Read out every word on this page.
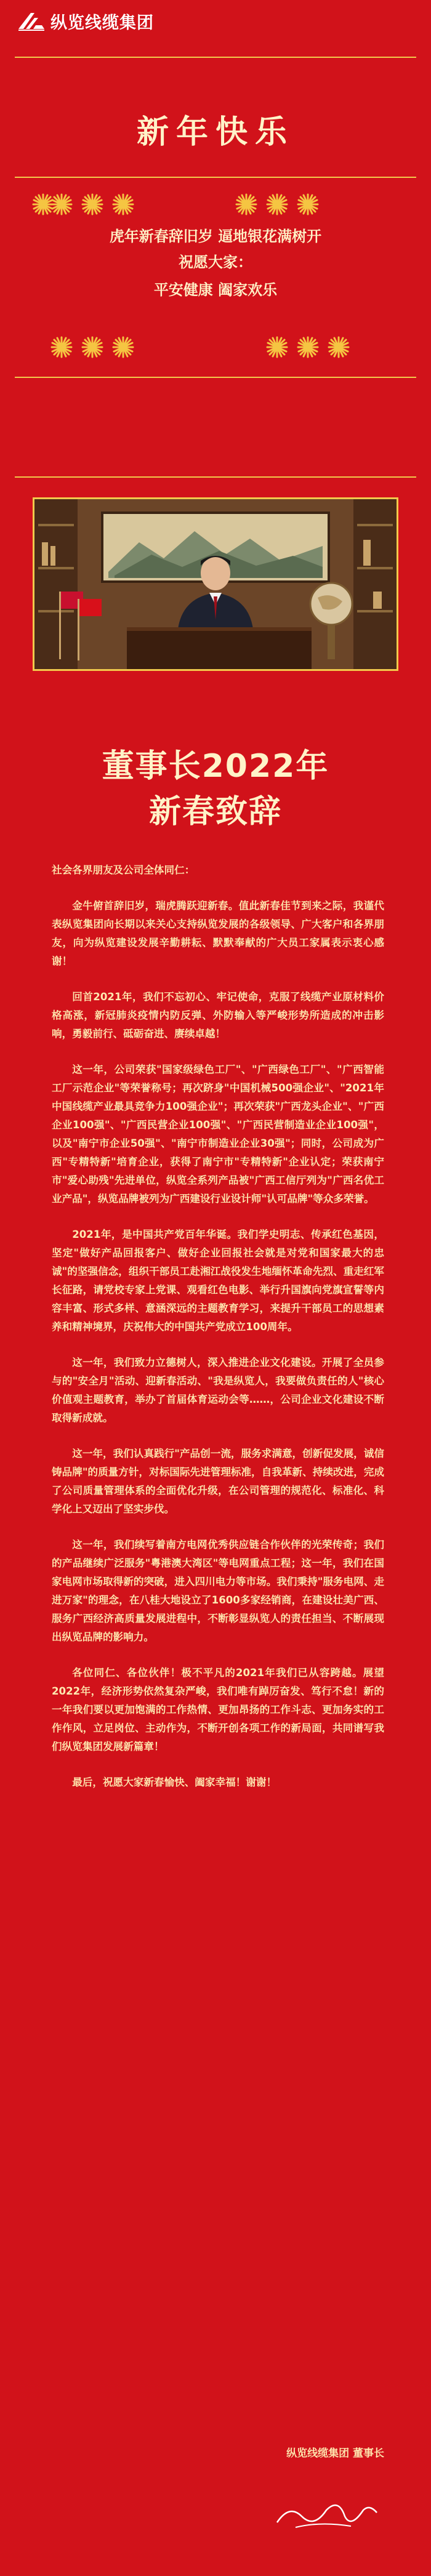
纵览线缆集团
新年快乐
虎年新春辞旧岁 逼地银花满树开
祝愿大家：
平安健康 阖家欢乐
董事长2022年
新春致辞

社会各界朋友及公司全体同仁：

金牛俯首辞旧岁，瑞虎腾跃迎新春。值此新春佳节到来之际，我谨代表纵览集团向长期以来关心支持纵览发展的各级领导、广大客户和各界朋友，向为纵览建设发展辛勤耕耘、默默奉献的广大员工家属表示衷心感谢！

回首2021年，我们不忘初心、牢记使命，克服了线缆产业原材料价格高涨，新冠肺炎疫情内防反弹、外防输入等严峻形势所造成的冲击影响，勇毅前行、砥砺奋进、赓续卓越！

这一年，公司荣获"国家级绿色工厂"、"广西绿色工厂"、"广西智能工厂示范企业"等荣誉称号；再次跻身"中国机械500强企业"、"2021年中国线缆产业最具竞争力100强企业"；再次荣获"广西龙头企业"、"广西企业100强"、"广西民营企业100强"、"广西民营制造业企业100强"，以及"南宁市企业50强"、"南宁市制造业企业30强"；同时，公司成为广西"专精特新"培育企业，获得了南宁市"专精特新"企业认定；荣获南宁市"爱心助残"先进单位，纵览全系列产品被"广西工信厅列为"广西名优工业产品"，纵览品牌被列为广西建设行业设计师"认可品牌"等众多荣誉。

2021年，是中国共产党百年华诞。我们学史明志、传承红色基因，坚定"做好产品回报客户、做好企业回报社会就是对党和国家最大的忠诚"的坚强信念，组织干部员工赴湘江战役发生地缅怀革命先烈、重走红军长征路，请党校专家上党课、观看红色电影、举行升国旗向党旗宣誓等内容丰富、形式多样、意涵深远的主题教育学习，来提升干部员工的思想素养和精神境界，庆祝伟大的中国共产党成立100周年。

这一年，我们致力立德树人，深入推进企业文化建设。开展了全员参与的"安全月"活动、迎新春活动、"我是纵览人，我要做负责任的人"核心价值观主题教育，举办了首届体育运动会等……，公司企业文化建设不断取得新成就。

这一年，我们认真践行"产品创一流，服务求满意，创新促发展，诚信铸品牌"的质量方针，对标国际先进管理标准，自我革新、持续改进，完成了公司质量管理体系的全面优化升级，在公司管理的规范化、标准化、科学化上又迈出了坚实步伐。

这一年，我们续写着南方电网优秀供应链合作伙伴的光荣传奇；我们的产品继续广泛服务"粤港澳大湾区"等电网重点工程；这一年，我们在国家电网市场取得新的突破，进入四川电力等市场。我们秉持"服务电网、走进万家"的理念，在八桂大地设立了1600多家经销商，在建设壮美广西、服务广西经济高质量发展进程中，不断彰显纵览人的责任担当、不断展现出纵览品牌的影响力。

各位同仁、各位伙伴！极不平凡的2021年我们已从容跨越。展望2022年，经济形势依然复杂严峻，我们唯有踔厉奋发、笃行不怠！新的一年我们要以更加饱满的工作热情、更加昂扬的工作斗志、更加务实的工作作风，立足岗位、主动作为，不断开创各项工作的新局面，共同谱写我们纵览集团发展新篇章！

最后，祝愿大家新春愉快、阖家幸福！谢谢！

纵览线缆集团 董事长
